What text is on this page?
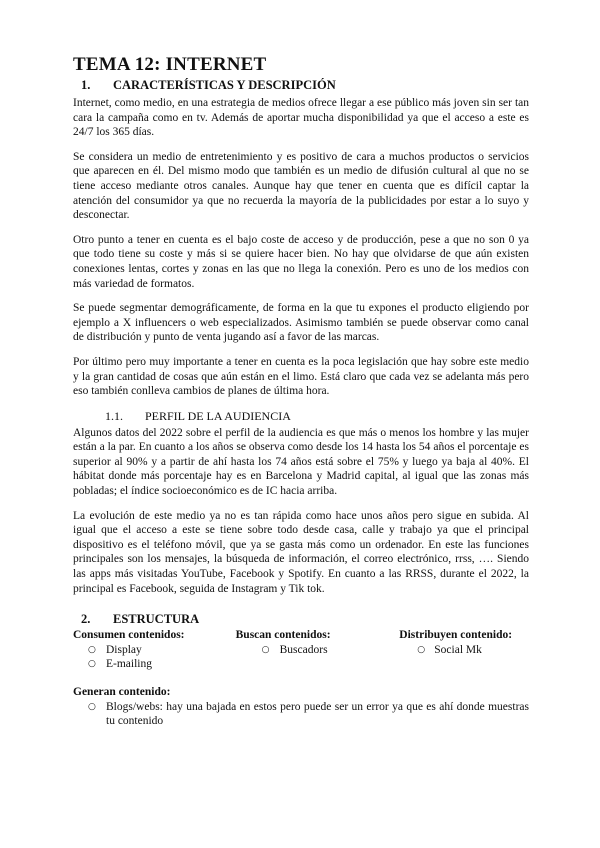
TEMA 12: INTERNET
1. CARACTERÍSTICAS Y DESCRIPCIÓN

Internet, como medio, en una estrategia de medios ofrece llegar a ese público más joven sin ser tan cara la campaña como en tv. Además de aportar mucha disponibilidad ya que el acceso a este es 24/7 los 365 días.

Se considera un medio de entretenimiento y es positivo de cara a muchos productos o servicios que aparecen en él. Del mismo modo que también es un medio de difusión cultural al que no se tiene acceso mediante otros canales. Aunque hay que tener en cuenta que es difícil captar la atención del consumidor ya que no recuerda la mayoría de la publicidades por estar a lo suyo y desconectar.

Otro punto a tener en cuenta es el bajo coste de acceso y de producción, pese a que no son 0 ya que todo tiene su coste y más si se quiere hacer bien. No hay que olvidarse de que aún existen conexiones lentas, cortes y zonas en las que no llega la conexión. Pero es uno de los medios con más variedad de formatos.

Se puede segmentar demográficamente, de forma en la que tu expones el producto eligiendo por ejemplo a X influencers o web especializados. Asimismo también se puede observar como canal de distribución y punto de venta jugando así a favor de las marcas.

Por último pero muy importante a tener en cuenta es la poca legislación que hay sobre este medio y la gran cantidad de cosas que aún están en el limo. Está claro que cada vez se adelanta más pero eso también conlleva cambios de planes de última hora.

1.1. PERFIL DE LA AUDIENCIA

Algunos datos del 2022 sobre el perfil de la audiencia es que más o menos los hombre y las mujer están a la par. En cuanto a los años se observa como desde los 14 hasta los 54 años el porcentaje es superior al 90% y a partir de ahí hasta los 74 años está sobre el 75% y luego ya baja al 40%. El hábitat donde más porcentaje hay es en Barcelona y Madrid capital, al igual que las zonas más pobladas; el índice socioeconómico es de IC hacia arriba.

La evolución de este medio ya no es tan rápida como hace unos años pero sigue en subida. Al igual que el acceso a este se tiene sobre todo desde casa, calle y trabajo ya que el principal dispositivo es el teléfono móvil, que ya se gasta más como un ordenador. En este las funciones principales son los mensajes, la búsqueda de información, el correo electrónico, rrss, …. Siendo las apps más visitadas YouTube, Facebook y Spotify. En cuanto a las RRSS, durante el 2022, la principal es Facebook, seguida de Instagram y Tik tok.

2. ESTRUCTURA
Consumen contenidos:
○ Display
○ E-mailing
Buscan contenidos:
○ Buscadors
Distribuyen contenido:
○ Social Mk
Generan contenido:
○ Blogs/webs: hay una bajada en estos pero puede ser un error ya que es ahí donde muestras tu contenido
